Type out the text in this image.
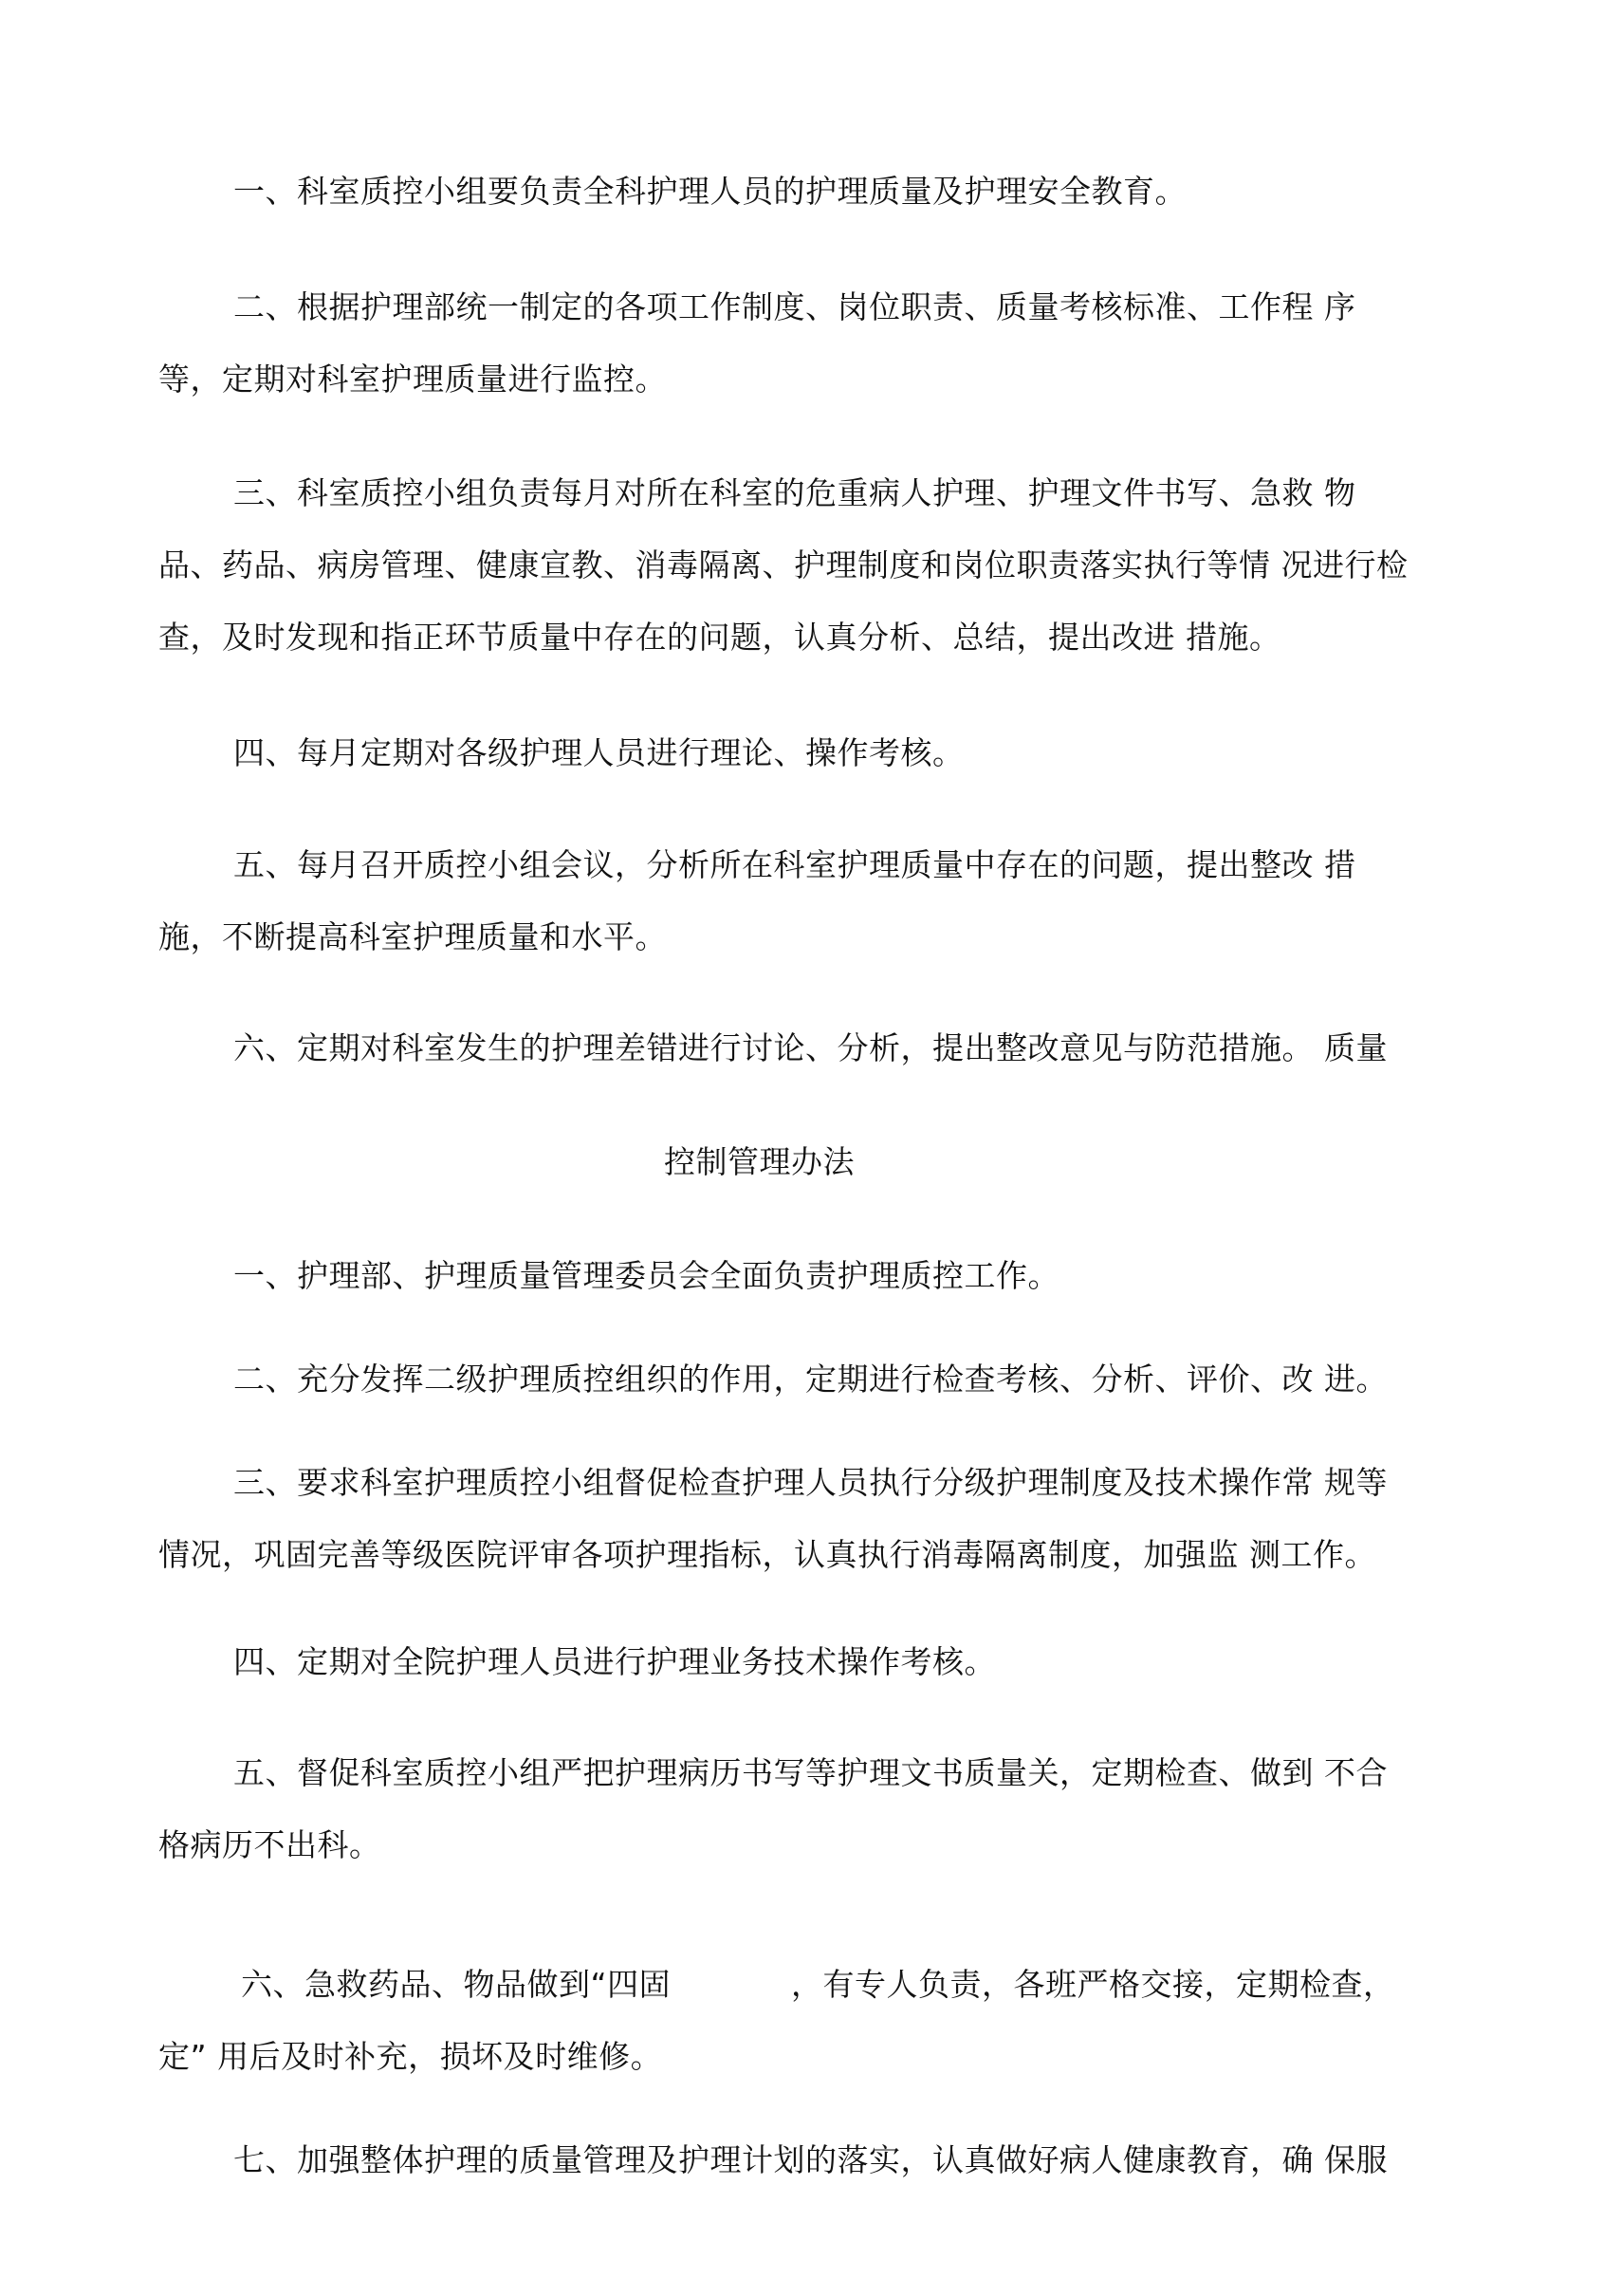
一、科室质控小组要负责全科护理人员的护理质量及护理安全教育。
二、根据护理部统一制定的各项工作制度、岗位职责、质量考核标准、工作程 序
等，定期对科室护理质量进行监控。
三、科室质控小组负责每月对所在科室的危重病人护理、护理文件书写、急救 物
品、药品、病房管理、健康宣教、消毒隔离、护理制度和岗位职责落实执行等情 况进行检
查，及时发现和指正环节质量中存在的问题，认真分析、总结，提出改进 措施。
四、每月定期对各级护理人员进行理论、操作考核。
五、每月召开质控小组会议，分析所在科室护理质量中存在的问题，提出整改 措
施，不断提高科室护理质量和水平。
六、定期对科室发生的护理差错进行讨论、分析，提出整改意见与防范措施。 质量
控制管理办法
一、护理部、护理质量管理委员会全面负责护理质控工作。
二、充分发挥二级护理质控组织的作用，定期进行检查考核、分析、评价、改 进。
三、要求科室护理质控小组督促检查护理人员执行分级护理制度及技术操作常 规等
情况，巩固完善等级医院评审各项护理指标，认真执行消毒隔离制度，加强监 测工作。
四、定期对全院护理人员进行护理业务技术操作考核。
五、督促科室质控小组严把护理病历书写等护理文书质量关，定期检查、做到 不合
格病历不出科。
六、急救药品、物品做到“四固	，有专人负责，各班严格交接，定期检查，
定” 用后及时补充，损坏及时维修。
七、加强整体护理的质量管理及护理计划的落实，认真做好病人健康教育，确 保服
